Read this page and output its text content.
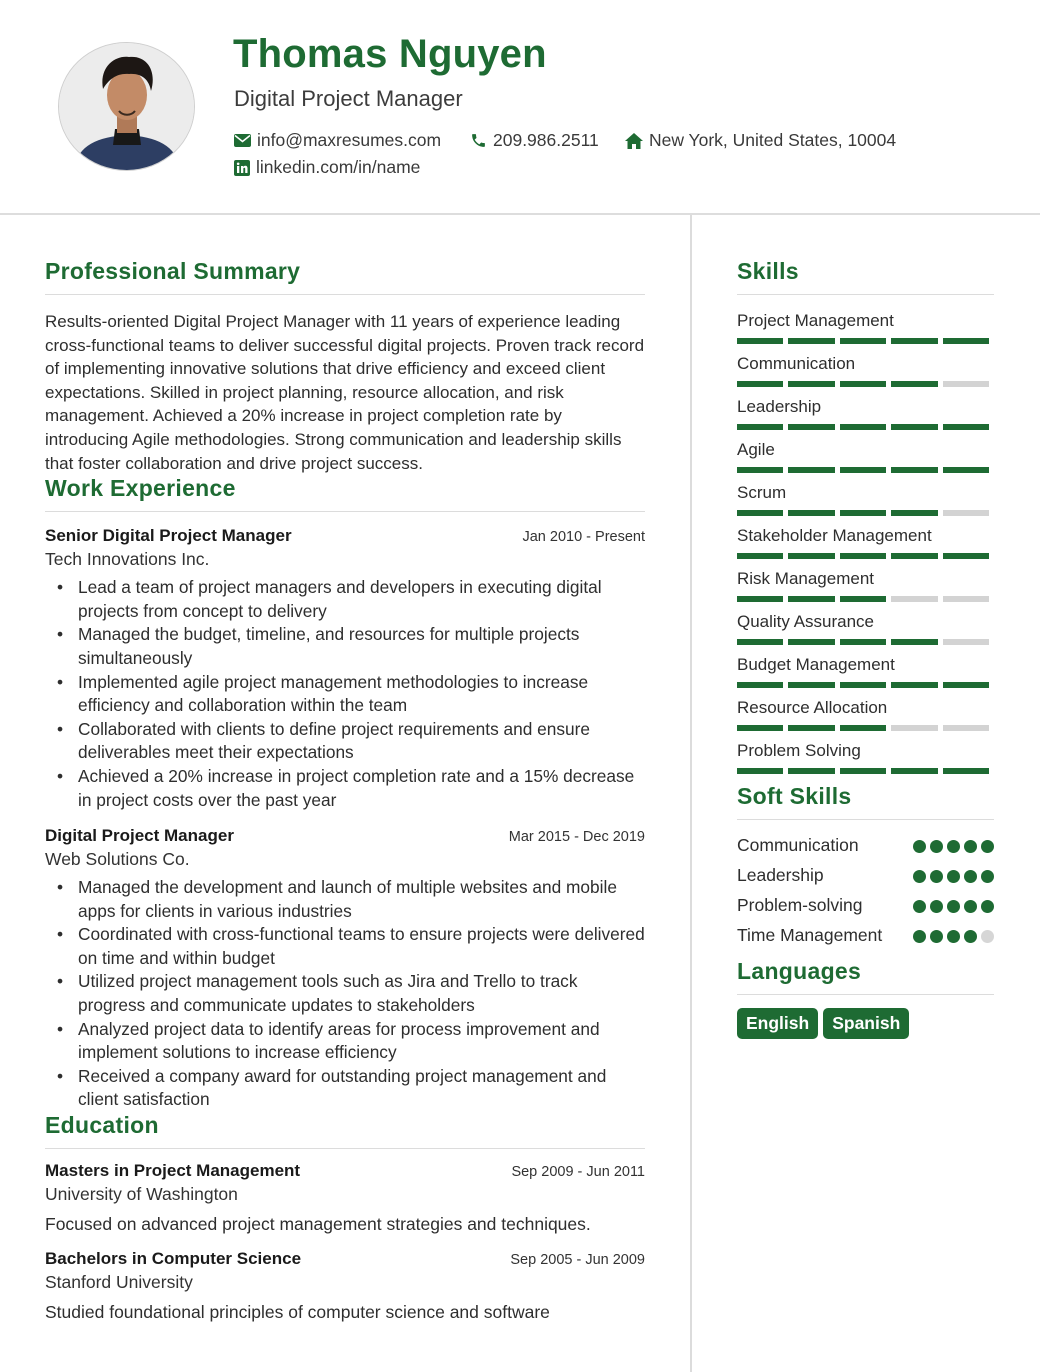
Thomas Nguyen
Digital Project Manager
info@maxresumes.com	209.986.2511	New York, United States, 10004
linkedin.com/in/name
Professional Summary

Results-oriented Digital Project Manager with 11 years of experience leading cross-functional teams to deliver successful digital projects. Proven track record of implementing innovative solutions that drive efficiency and exceed client expectations. Skilled in project planning, resource allocation, and risk management. Achieved a 20% increase in project completion rate by introducing Agile methodologies. Strong communication and leadership skills that foster collaboration and drive project success.

Work Experience
Senior Digital Project Manager	Jan 2010 - Present
Tech Innovations Inc.
• Lead a team of project managers and developers in executing digital projects from concept to delivery
• Managed the budget, timeline, and resources for multiple projects simultaneously
• Implemented agile project management methodologies to increase efficiency and collaboration within the team
• Collaborated with clients to define project requirements and ensure deliverables meet their expectations
• Achieved a 20% increase in project completion rate and a 15% decrease in project costs over the past year
Digital Project Manager	Mar 2015 - Dec 2019
Web Solutions Co.
• Managed the development and launch of multiple websites and mobile apps for clients in various industries
• Coordinated with cross-functional teams to ensure projects were delivered on time and within budget
• Utilized project management tools such as Jira and Trello to track progress and communicate updates to stakeholders
• Analyzed project data to identify areas for process improvement and implement solutions to increase efficiency
• Received a company award for outstanding project management and client satisfaction
Education
Masters in Project Management	Sep 2009 - Jun 2011
University of Washington
Focused on advanced project management strategies and techniques.
Bachelors in Computer Science	Sep 2005 - Jun 2009
Stanford University
Studied foundational principles of computer science and software
Skills
Project Management
Communication
Leadership
Agile
Scrum
Stakeholder Management
Risk Management
Quality Assurance
Budget Management
Resource Allocation
Problem Solving
Soft Skills
Communication
Leadership
Problem-solving
Time Management
Languages
English	Spanish
